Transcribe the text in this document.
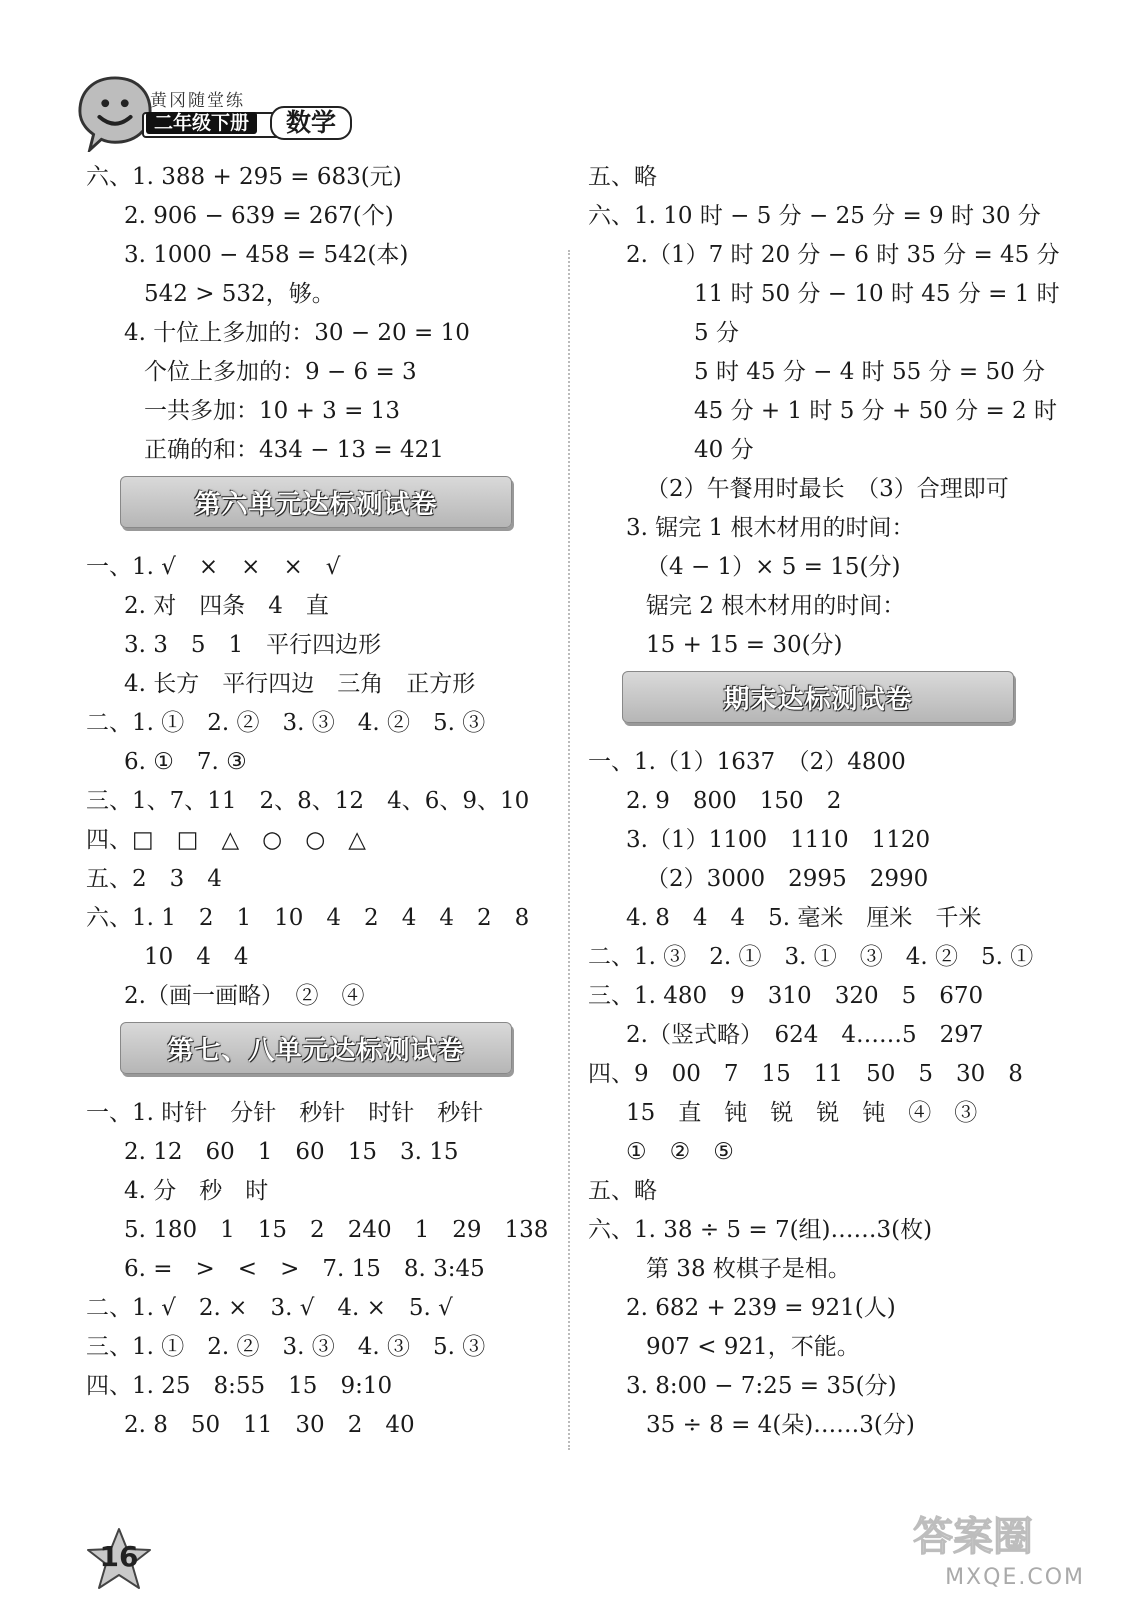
黄冈随堂练
二年级下册	数学
六、1. 388 + 295 = 683(元)
2. 906 − 639 = 267(个)
3. 1000 − 458 = 542(本)
542 > 532，够。
4. 十位上多加的：30 − 20 = 10
个位上多加的：9 − 6 = 3
一共多加：10 + 3 = 13
正确的和：434 − 13 = 421
第六单元达标测试卷
一、1. √　×　×　×　√
2. 对　四条　4　直
3. 3　5　1　平行四边形
4. 长方　平行四边　三角　正方形
二、1. ①　2. ②　3. ③　4. ②　5. ③
6. ①　7. ③
三、1、7、11　2、8、12　4、6、9、10
四、□　□　△　○　○　△
五、2　3　4
六、1. 1　2　1　10　4　2　4　4　2　8
10　4　4
2.（画一画略）　②　④
第七、八单元达标测试卷
一、1. 时针　分针　秒针　时针　秒针
2. 12　60　1　60　15　3. 15
4. 分　秒　时
5. 180　1　15　2　240　1　29　138
6. =　>　<　>　7. 15　8. 3:45
二、1. √　2. ×　3. √　4. ×　5. √
三、1. ①　2. ②　3. ③　4. ③　5. ③
四、1. 25　8:55　15　9:10
2. 8　50　11　30　2　40
五、略
六、1. 10 时 − 5 分 − 25 分 = 9 时 30 分
2.（1）7 时 20 分 − 6 时 35 分 = 45 分
11 时 50 分 − 10 时 45 分 = 1 时
5 分
5 时 45 分 − 4 时 55 分 = 50 分
45 分 + 1 时 5 分 + 50 分 = 2 时
40 分
（2）午餐用时最长　（3）合理即可
3. 锯完 1 根木材用的时间：
（4 − 1）× 5 = 15(分)
锯完 2 根木材用的时间：
15 + 15 = 30(分)
期末达标测试卷
一、1.（1）1637　（2）4800
2. 9　800　150　2
3.（1）1100　1110　1120
（2）3000　2995　2990
4. 8　4　4　5. 毫米　厘米　千米
二、1. ③　2. ①　3. ①　③　4. ②　5. ①
三、1. 480　9　310　320　5　670
2.（竖式略）　624　4……5　297
四、9　00　7　15　11　50　5　30　8
15　直　钝　锐　锐　钝　④　③
①　②　⑤
五、略
六、1. 38 ÷ 5 = 7(组)……3(枚)
第 38 枚棋子是相。
2. 682 + 239 = 921(人)
907 < 921，不能。
3. 8:00 − 7:25 = 35(分)
35 ÷ 8 = 4(朵)……3(分)
16	答案圈
MXQE.COM
